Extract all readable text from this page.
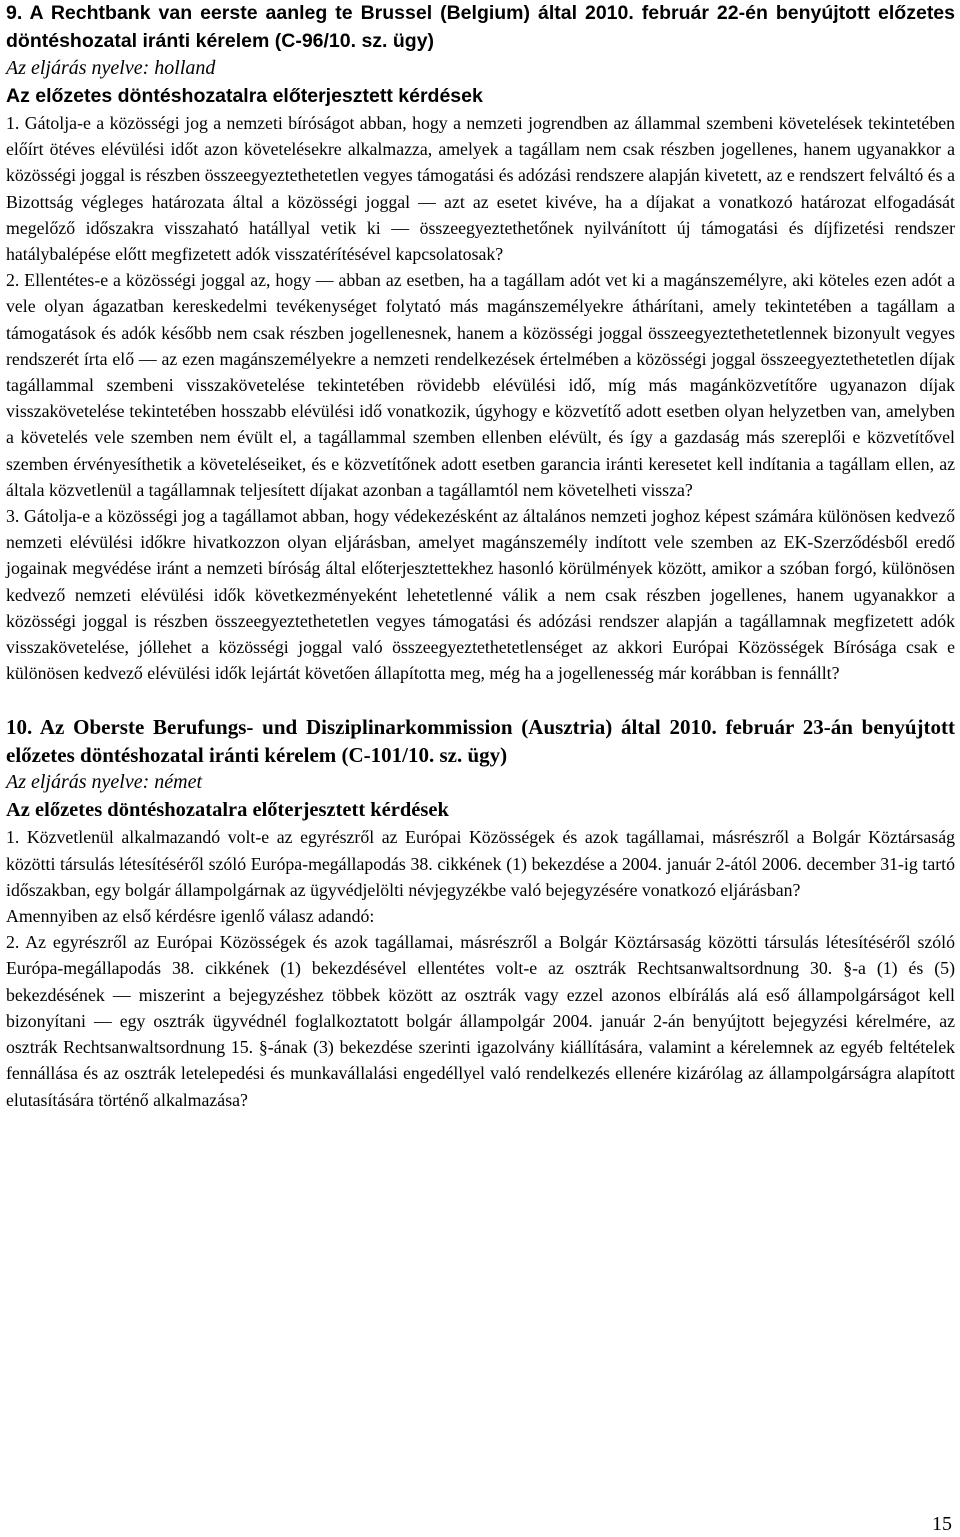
9. A Rechtbank van eerste aanleg te Brussel (Belgium) által 2010. február 22-én benyújtott előzetes döntéshozatal iránti kérelem (C-96/10. sz. ügy)

Az eljárás nyelve: holland

Az előzetes döntéshozatalra előterjesztett kérdések

1. Gátolja-e a közösségi jog a nemzeti bíróságot abban, hogy a nemzeti jogrendben az állammal szembeni követelések tekintetében előírt ötéves elévülési időt azon követelésekre alkalmazza, amelyek a tagállam nem csak részben jogellenes, hanem ugyanakkor a közösségi joggal is részben összeegyeztethetetlen vegyes támogatási és adózási rendszere alapján kivetett, az e rendszert felváltó és a Bizottság végleges határozata által a közösségi joggal — azt az esetet kivéve, ha a díjakat a vonatkozó határozat elfogadását megelőző időszakra visszaható hatállyal vetik ki — összeegyeztethetőnek nyilvánított új támogatási és díjfizetési rendszer hatálybalépése előtt megfizetett adók visszatérítésével kapcsolatosak?

2. Ellentétes-e a közösségi joggal az, hogy — abban az esetben, ha a tagállam adót vet ki a magánszemélyre, aki köteles ezen adót a vele olyan ágazatban kereskedelmi tevékenységet folytató más magánszemélyekre áthárítani, amely tekintetében a tagállam a támogatások és adók később nem csak részben jogellenesnek, hanem a közösségi joggal összeegyeztethetetlennek bizonyult vegyes rendszerét írta elő — az ezen magánszemélyekre a nemzeti rendelkezések értelmében a közösségi joggal összeegyeztethetetlen díjak tagállammal szembeni visszakövetelése tekintetében rövidebb elévülési idő, míg más magánközvetítőre ugyanazon díjak visszakövetelése tekintetében hosszabb elévülési idő vonatkozik, úgyhogy e közvetítő adott esetben olyan helyzetben van, amelyben a követelés vele szemben nem évült el, a tagállammal szemben ellenben elévült, és így a gazdaság más szereplői e közvetítővel szemben érvényesíthetik a követeléseiket, és e közvetítőnek adott esetben garancia iránti keresetet kell indítania a tagállam ellen, az általa közvetlenül a tagállamnak teljesített díjakat azonban a tagállamtól nem követelheti vissza?

3. Gátolja-e a közösségi jog a tagállamot abban, hogy védekezésként az általános nemzeti joghoz képest számára különösen kedvező nemzeti elévülési időkre hivatkozzon olyan eljárásban, amelyet magánszemély indított vele szemben az EK-Szerződésből eredő jogainak megvédése iránt a nemzeti bíróság által előterjesztettekhez hasonló körülmények között, amikor a szóban forgó, különösen kedvező nemzeti elévülési idők következményeként lehetetlenné válik a nem csak részben jogellenes, hanem ugyanakkor a közösségi joggal is részben összeegyeztethetetlen vegyes támogatási és adózási rendszer alapján a tagállamnak megfizetett adók visszakövetelése, jóllehet a közösségi joggal való összeegyeztethetetlenséget az akkori Európai Közösségek Bírósága csak e különösen kedvező elévülési idők lejártát követően állapította meg, még ha a jogellenesség már korábban is fennállt?

10. Az Oberste Berufungs- und Disziplinarkommission (Ausztria) által 2010. február 23-án benyújtott előzetes döntéshozatal iránti kérelem (C-101/10. sz. ügy)

Az eljárás nyelve: német

Az előzetes döntéshozatalra előterjesztett kérdések

1. Közvetlenül alkalmazandó volt-e az egyrészről az Európai Közösségek és azok tagállamai, másrészről a Bolgár Köztársaság közötti társulás létesítéséről szóló Európa-megállapodás 38. cikkének (1) bekezdése a 2004. január 2-ától 2006. december 31-ig tartó időszakban, egy bolgár állampolgárnak az ügyvédjelölti névjegyzékbe való bejegyzésére vonatkozó eljárásban?

Amennyiben az első kérdésre igenlő válasz adandó:

2. Az egyrészről az Európai Közösségek és azok tagállamai, másrészről a Bolgár Köztársaság közötti társulás létesítéséről szóló Európa-megállapodás 38. cikkének (1) bekezdésével ellentétes volt-e az osztrák Rechtsanwaltsordnung 30. §-a (1) és (5) bekezdésének — miszerint a bejegyzéshez többek között az osztrák vagy ezzel azonos elbírálás alá eső állampolgárságot kell bizonyítani — egy osztrák ügyvédnél foglalkoztatott bolgár állampolgár 2004. január 2-án benyújtott bejegyzési kérelmére, az osztrák Rechtsanwaltsordnung 15. §-ának (3) bekezdése szerinti igazolvány kiállítására, valamint a kérelemnek az egyéb feltételek fennállása és az osztrák letelepedési és munkavállalási engedéllyel való rendelkezés ellenére kizárólag az állampolgárságra alapított elutasítására történő alkalmazása?

15
